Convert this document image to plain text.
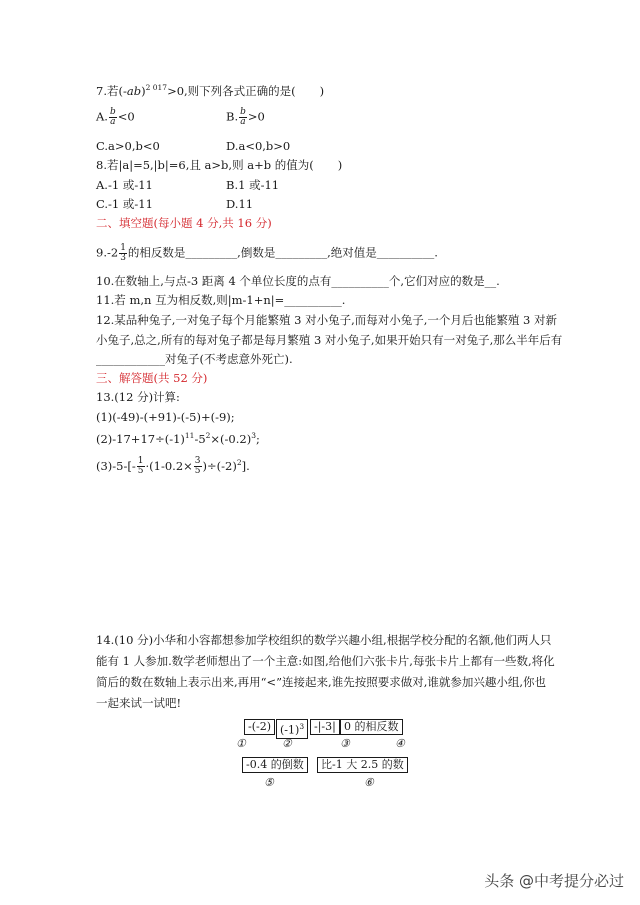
7.若$(-ab)^{2 017}>0$,则下列各式正确的是( )
A. $\frac{b}{a} <0$	B. $\frac{b}{a} >0$
C.a>0,b<0	D.a<0,b>0
8.若|a|=5,|b|=6,且 a>b,则 a+b 的值为( )
A.-1 或-11	B.1 或-11
C.-1 或-11	D.11
二、填空题(每小题 4 分,共 16 分)
$9.-2 \frac{1}{3}$ 的相反数是_________,倒数是_________,绝对值是__________.
10.在数轴上,与点-3 距离 4 个单位长度的点有__________个,它们对应的数是__.
11.若 m,n 互为相反数,则|m-1+n|=__________.
12.某品种兔子,一对兔子每个月能繁殖 3 对小兔子,而每对小兔子,一个月后也能繁殖 3 对新
小兔子,总之,所有的每对兔子都是每月繁殖 3 对小兔子,如果开始只有一对兔子,那么半年后有
____________对兔子(不考虑意外死亡).
三、解答题(共 52 分)
13.(12 分)计算:
(1)(-49)-(+91)-(-5)+(-9);
$(2)-17+17\div(-1)^{11}-5^2\times(-0.2)^3$;
$(3)-5-[- \frac{1}{5} \cdot(1-0.2\times \frac{3}{5} )\div(-2)^2]$.
14.(10 分)小华和小容都想参加学校组织的数学兴趣小组,根据学校分配的名额,他们两人只
能有 1 人参加.数学老师想出了一个主意:如图,给他们六张卡片,每张卡片上都有一些数,将化
简后的数在数轴上表示出来,再用“<”连接起来,谁先按照要求做对,谁就参加兴趣小组,你也
一起来试一试吧!
-(-2) $(-1)^3$ -|-3| 0 的相反数
①	②	③	④
-0.4 的倒数	比-1 大 2.5 的数
⑤	⑥
头条 @中考提分必过
